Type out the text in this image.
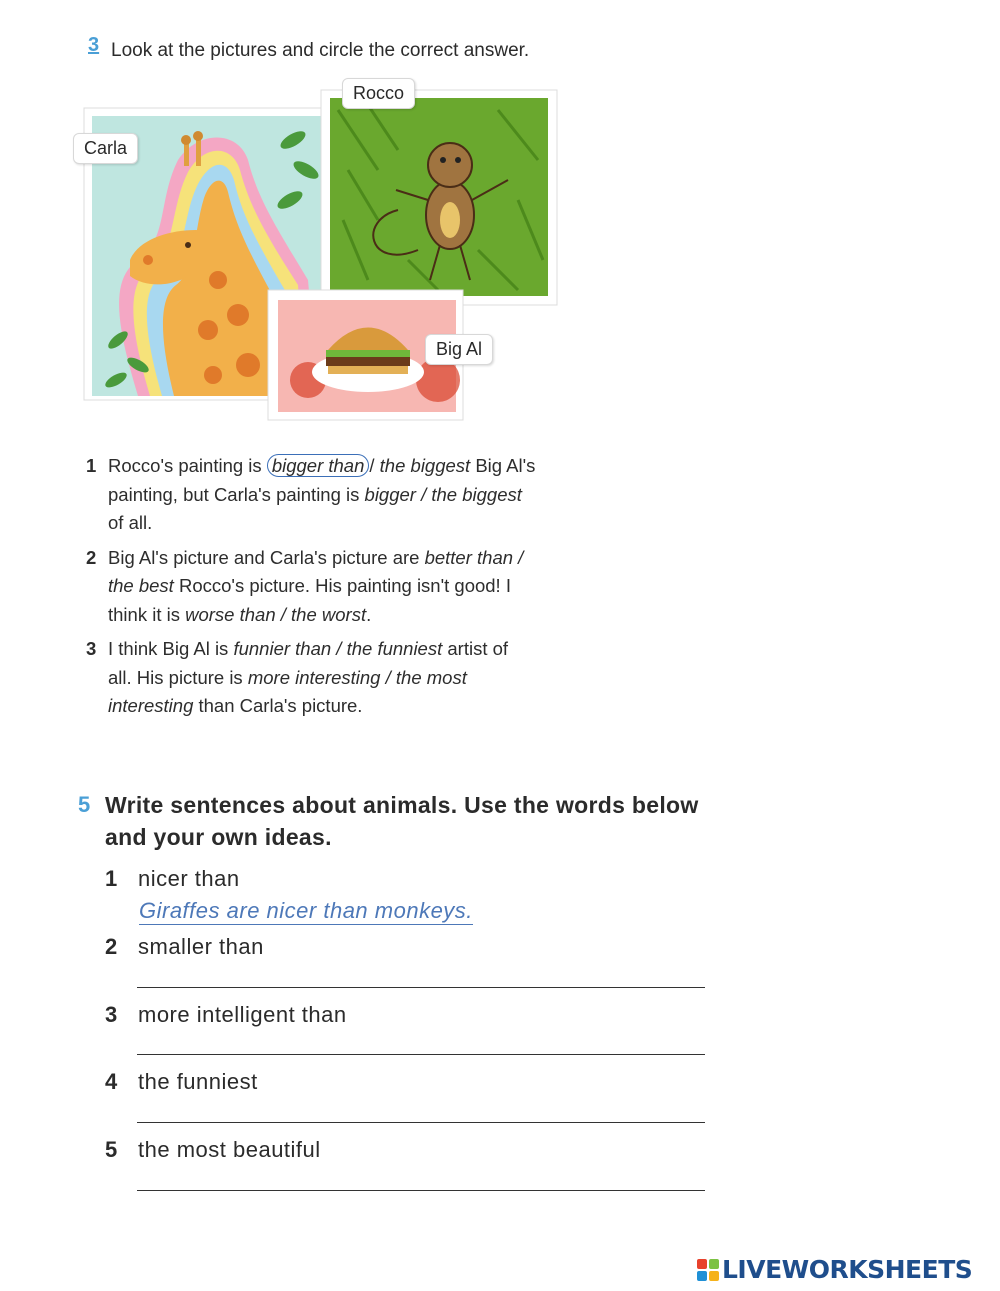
3 Look at the pictures and circle the correct answer.
Rocco
Carla
Big Al
1 Rocco's painting is bigger than / the biggest Big Al's painting, but Carla's painting is bigger / the biggest of all.
2 Big Al's picture and Carla's picture are better than / the best Rocco's picture. His painting isn't good! I think it is worse than / the worst.
3 I think Big Al is funnier than / the funniest artist of all. His picture is more interesting / the most interesting than Carla's picture.
5 Write sentences about animals. Use the words below and your own ideas.
1 nicer than
Giraffes are nicer than monkeys.
2 smaller than
3 more intelligent than
4 the funniest
5 the most beautiful
LIVEWORKSHEETS
